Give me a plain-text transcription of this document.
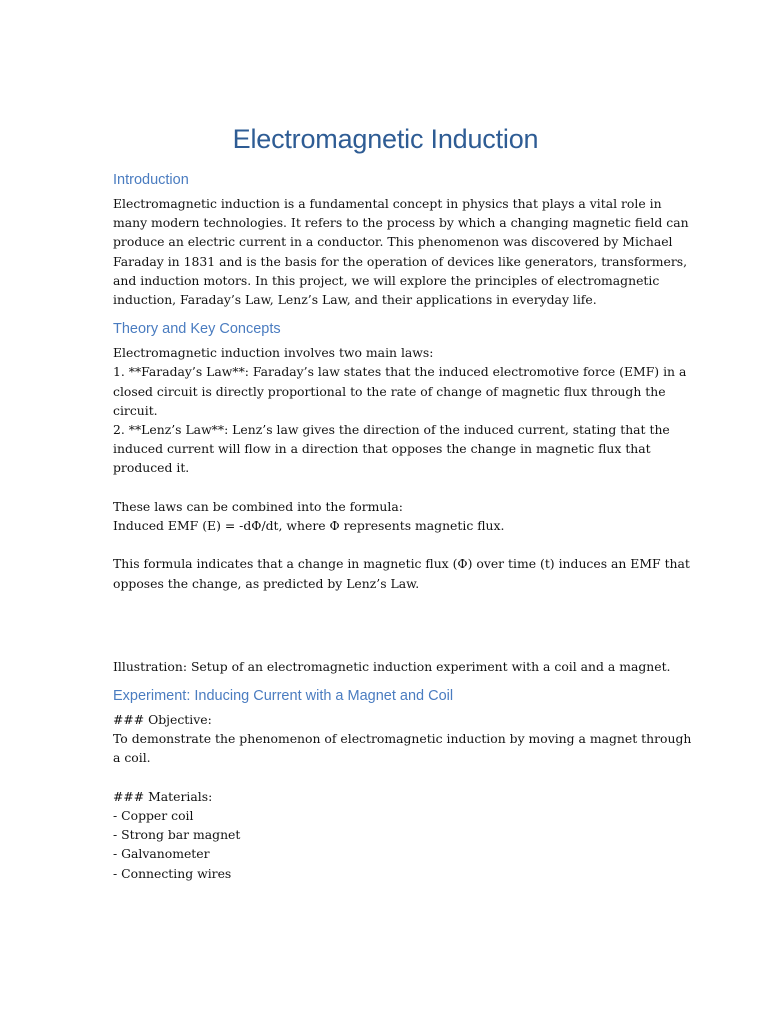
Electromagnetic Induction
Introduction

Electromagnetic induction is a fundamental concept in physics that plays a vital role in
many modern technologies. It refers to the process by which a changing magnetic field can
produce an electric current in a conductor. This phenomenon was discovered by Michael
Faraday in 1831 and is the basis for the operation of devices like generators, transformers,
and induction motors. In this project, we will explore the principles of electromagnetic
induction, Faraday’s Law, Lenz’s Law, and their applications in everyday life.

Theory and Key Concepts

Electromagnetic induction involves two main laws:
1. **Faraday’s Law**: Faraday’s law states that the induced electromotive force (EMF) in a
closed circuit is directly proportional to the rate of change of magnetic flux through the
circuit.
2. **Lenz’s Law**: Lenz’s law gives the direction of the induced current, stating that the
induced current will flow in a direction that opposes the change in magnetic flux that
produced it.

These laws can be combined into the formula:
Induced EMF (E) = -dΦ/dt, where Φ represents magnetic flux.

This formula indicates that a change in magnetic flux (Φ) over time (t) induces an EMF that
opposes the change, as predicted by Lenz’s Law.

Illustration: Setup of an electromagnetic induction experiment with a coil and a magnet.

Experiment: Inducing Current with a Magnet and Coil

### Objective:
To demonstrate the phenomenon of electromagnetic induction by moving a magnet through
a coil.

### Materials:
- Copper coil
- Strong bar magnet
- Galvanometer
- Connecting wires
